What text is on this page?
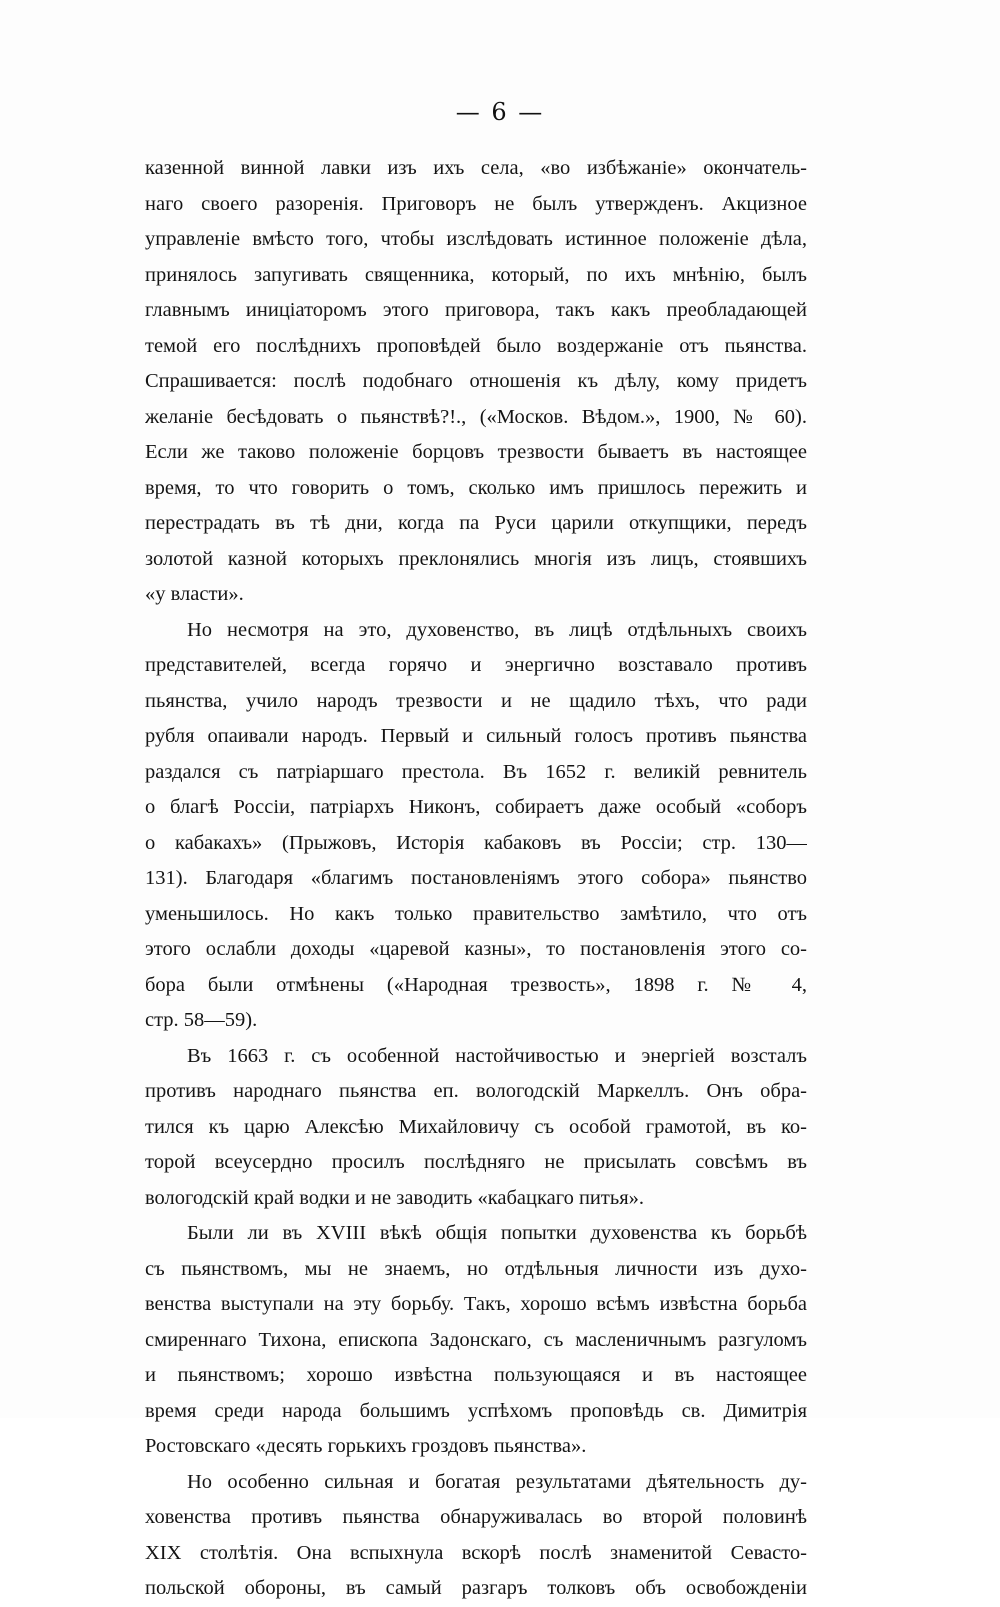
— 6 —
казенной винной лавки изъ ихъ села, «во избѣжаніе» окончатель-
наго своего разоренія. Приговоръ не былъ утвержденъ. Акцизное
управленіе вмѣсто того, чтобы изслѣдовать истинное положеніе дѣла,
принялось запугивать священника, который, по ихъ мнѣнію, былъ
главнымъ иниціаторомъ этого приговора, такъ какъ преобладающей
темой его послѣднихъ проповѣдей было воздержаніе отъ пьянства.
Спрашивается: послѣ подобнаго отношенія къ дѣлу, кому придетъ
желаніе бесѣдовать о пьянствѣ?!., («Москов. Вѣдом.», 1900, № 60).
Если же таково положеніе борцовъ трезвости бываетъ въ настоящее
время, то что говорить о томъ, сколько имъ пришлось пережить и
перестрадать въ тѣ дни, когда па Руси царили откупщики, передъ
золотой казной которыхъ преклонялись многія изъ лицъ, стоявшихъ
«у власти».
Но несмотря на это, духовенство, въ лицѣ отдѣльныхъ своихъ
представителей, всегда горячо и энергично возставало противъ
пьянства, учило народъ трезвости и не щадило тѣхъ, что ради
рубля опаивали народъ. Первый и сильный голосъ противъ пьянства
раздался съ патріаршаго престола. Въ 1652 г. великій ревнитель
о благѣ Россіи, патріархъ Никонъ, собираетъ даже особый «соборъ
о кабакахъ» (Прыжовъ, Исторія кабаковъ въ Россіи; стр. 130—
131). Благодаря «благимъ постановленіямъ этого собора» пьянство
уменьшилось. Но какъ только правительство замѣтило, что отъ
этого ослабли доходы «царевой казны», то постановленія этого со-
бора были отмѣнены («Народная трезвость», 1898 г. № 4,
стр. 58—59).
Въ 1663 г. съ особенной настойчивостью и энергіей возсталъ
противъ народнаго пьянства еп. вологодскій Маркеллъ. Онъ обра-
тился къ царю Алексѣю Михайловичу съ особой грамотой, въ ко-
торой всеусердно просилъ послѣдняго не присылать совсѣмъ въ
вологодскій край водки и не заводить «кабацкаго питья».
Были ли въ XVIII вѣкѣ общія попытки духовенства къ борьбѣ
съ пьянствомъ, мы не знаемъ, но отдѣльныя личности изъ духо-
венства выступали на эту борьбу. Такъ, хорошо всѣмъ извѣстна борьба
смиреннаго Тихона, епископа Задонскаго, съ масленичнымъ разгуломъ
и пьянствомъ; хорошо извѣстна пользующаяся и въ настоящее
время среди народа большимъ успѣхомъ проповѣдь св. Димитрія
Ростовскаго «десять горькихъ гроздовъ пьянства».
Но особенно сильная и богатая результатами дѣятельность ду-
ховенства противъ пьянства обнаруживалась во второй половинѣ
XIX столѣтія. Она вспыхнула вскорѣ послѣ знаменитой Севасто-
польской обороны, въ самый разгаръ толковъ объ освобожденіи
